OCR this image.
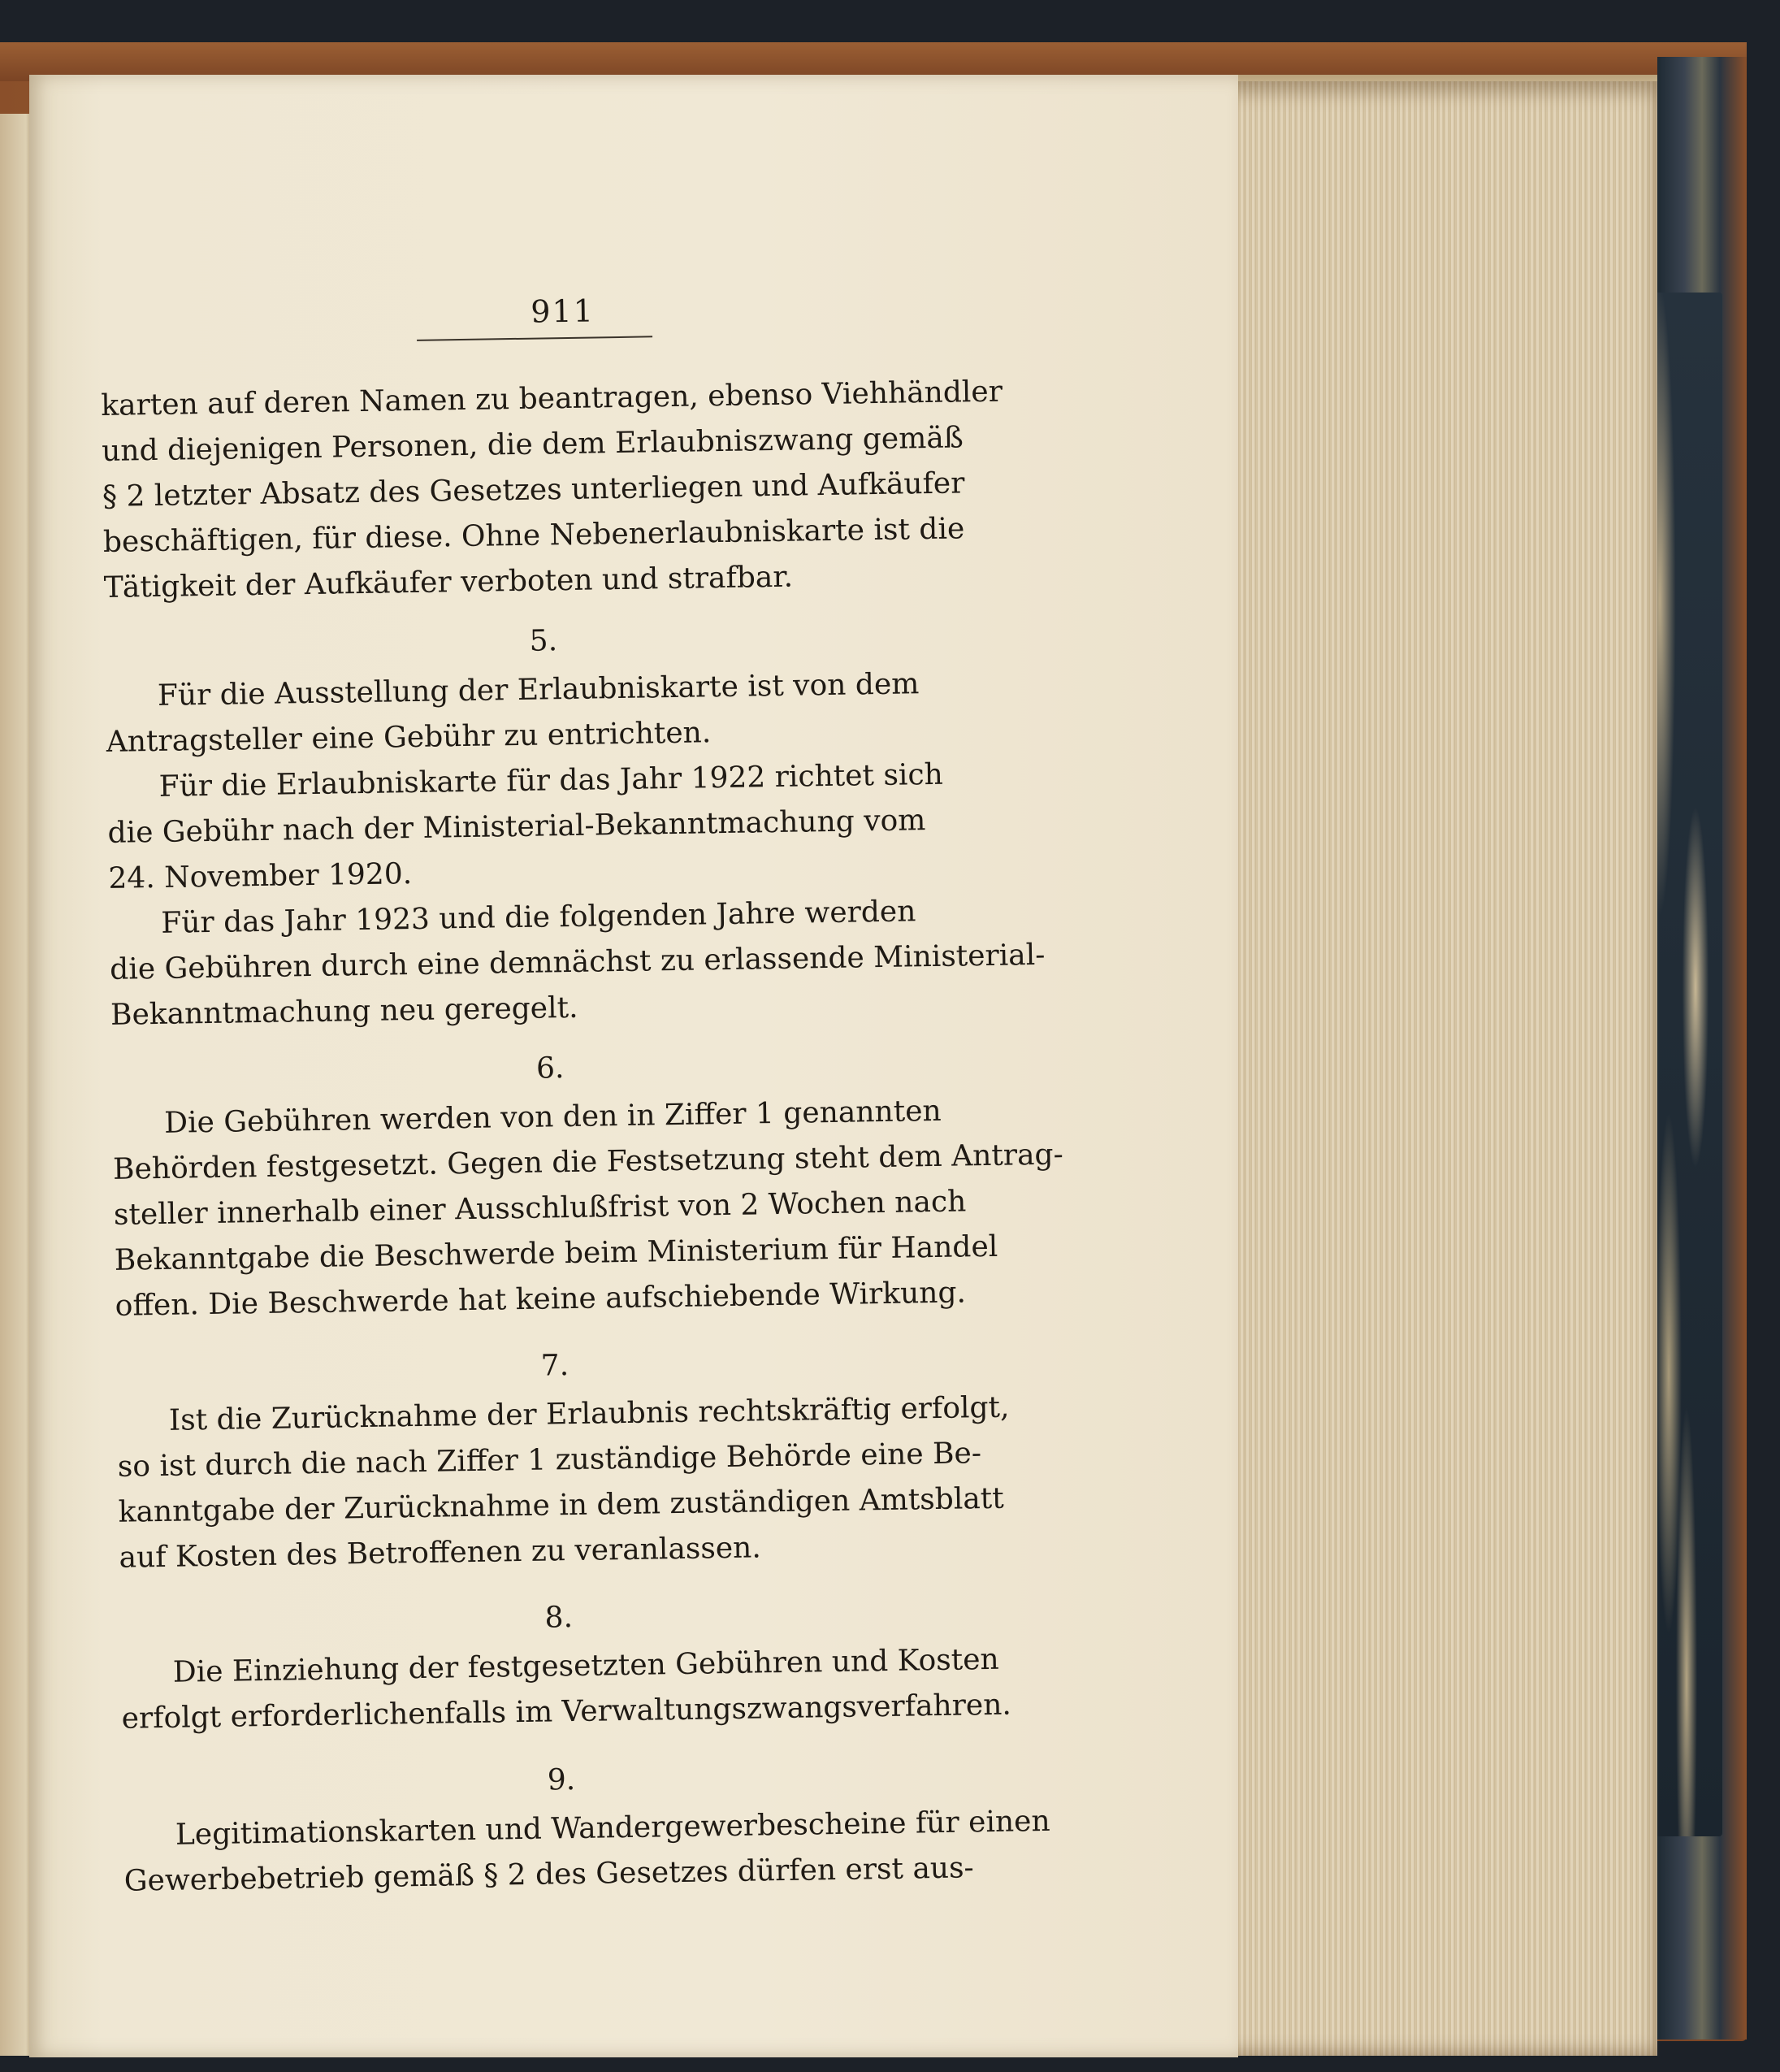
911
karten auf deren Namen zu beantragen, ebenso Viehhändler
und diejenigen Personen, die dem Erlaubniszwang gemäß
§ 2 letzter Absatz des Gesetzes unterliegen und Aufkäufer
beschäftigen, für diese. Ohne Nebenerlaubniskarte ist die
Tätigkeit der Aufkäufer verboten und strafbar.
5.
Für die Ausstellung der Erlaubniskarte ist von dem
Antragsteller eine Gebühr zu entrichten.
Für die Erlaubniskarte für das Jahr 1922 richtet sich
die Gebühr nach der Ministerial-Bekanntmachung vom
24. November 1920.
Für das Jahr 1923 und die folgenden Jahre werden
die Gebühren durch eine demnächst zu erlassende Ministerial-
Bekanntmachung neu geregelt.
6.
Die Gebühren werden von den in Ziffer 1 genannten
Behörden festgesetzt. Gegen die Festsetzung steht dem Antrag-
steller innerhalb einer Ausschlußfrist von 2 Wochen nach
Bekanntgabe die Beschwerde beim Ministerium für Handel
offen. Die Beschwerde hat keine aufschiebende Wirkung.
7.
Ist die Zurücknahme der Erlaubnis rechtskräftig erfolgt,
so ist durch die nach Ziffer 1 zuständige Behörde eine Be-
kanntgabe der Zurücknahme in dem zuständigen Amtsblatt
auf Kosten des Betroffenen zu veranlassen.
8.
Die Einziehung der festgesetzten Gebühren und Kosten
erfolgt erforderlichenfalls im Verwaltungszwangsverfahren.
9.
Legitimationskarten und Wandergewerbescheine für einen
Gewerbebetrieb gemäß § 2 des Gesetzes dürfen erst aus-
